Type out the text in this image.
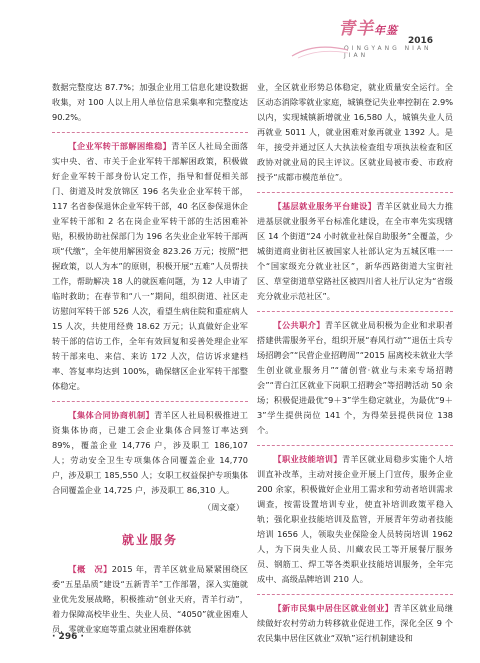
青羊年鉴
2016
QINGYANG NIAN JIAN

数据完整度达 87.7%；加强企业用工信息化建设数据收集，对 100 人以上用人单位信息采集率和完整度达 90.2%。

【企业军转干部解困维稳】青羊区人社局全面落实中央、省、市关于企业军转干部解困政策，积极做好企业军转干部身份认定工作，指导和督促相关部门、街道及时发放锦区 196 名失业企业军转干部，117 名省参保退休企业军转干部，40 名区参保退休企业军转干部和 2 名在岗企业军转干部的生活困难补贴，积极协助社保部门为 196 名失业企业军转干部两项“代缴”，全年使用解困资金 823.26 万元；按照“把握政策，以人为本”的原则，积极开展“五难”人员帮扶工作，帮助解决 18 人的就医难问题，为 12 人申请了临时救助；在春节和“八一”期间，组织街道、社区走访慰问军转干部 526 人次，看望生病住院和重症病人 15 人次，共使用经费 18.62 万元；认真做好企业军转干部的信访工作，全年有效回复和妥善处理企业军转干部来电、来信、来访 172 人次，信访诉求建档率、答复率均达到 100%，确保辖区企业军转干部整体稳定。

【集体合同协商机制】青羊区人社局积极推进工资集体协商，已建工会企业集体合同签订率达到 89%，覆盖企业 14,776 户，涉及职工 186,107 人；劳动安全卫生专项集体合同覆盖企业 14,770 户，涉及职工 185,550 人；女职工权益保护专项集体合同覆盖企业 14,725 户，涉及职工 86,310 人。

（周文豪）
就业服务

【概　况】2015 年，青羊区就业局紧紧围绕区委“五星品质”建设“五新青羊”工作部署，深入实施就业优先发展战略，积极推动“创业天府，青羊行动”，着力保障高校毕业生、失业人员、“4050”就业困难人员，零就业家庭等重点就业困难群体就

业，全区就业形势总体稳定，就业质量安全运行。全区动态消除零就业家庭，城镇登记失业率控制在 2.9% 以内，实现城镇新增就业 16,580 人，城镇失业人员再就业 5011 人，就业困难对象再就业 1392 人。是年，接受并通过区人大执法检查组专项执法检查和区政协对就业局的民主评议。区就业局被市委、市政府授予“成都市模范单位”。

【基层就业服务平台建设】青羊区就业局大力推进基层就业服务平台标准化建设，在全市率先实现辖区 14 个街道“24 小时就业社保自助服务”全覆盖，少城街道商业街社区被国家人社部认定为五城区唯一一个“国家级充分就业社区”，新华西路街道大宝街社区、草堂街道草堂路社区被四川省人社厅认定为“省级充分就业示范社区”。

【公共职介】青羊区就业局积极为企业和求职者搭建供需服务平台，组织开展“春风行动”“退伍士兵专场招聘会”“民营企业招聘周”“2015 届离校未就业大学生创业就业服务月”“蒲创营·就业与未来专场招聘会”“青白江区就业下岗职工招聘会”等招聘活动 50 余场；积极促进最优“9＋3”学生稳定就业，为最优“9＋3”学生提供岗位 141 个，为得荣县提供岗位 138 个。

【职业技能培训】青羊区就业局稳步实施个人培训直补改革，主动对接企业开展上门宣传，服务企业 200 余家，积极做好企业用工需求和劳动者培训需求调查，按需设置培训专业，使直补培训政策平稳入轨；强化职业技能培训及监管，开展青年劳动者技能培训 1656 人，领取失业保险金人员转岗培训 1962 人，为下岗失业人员、川藏农民工等开展餐厅服务员、钢筋工、焊工等各类职业技能培训服务，全年完成中、高级品牌培训 210 人。

【新市民集中居住区就业创业】青羊区就业局继续做好农村劳动力转移就业促进工作，深化全区 9 个农民集中居住区就业“双轨”运行机制建设和

· 296 ·
